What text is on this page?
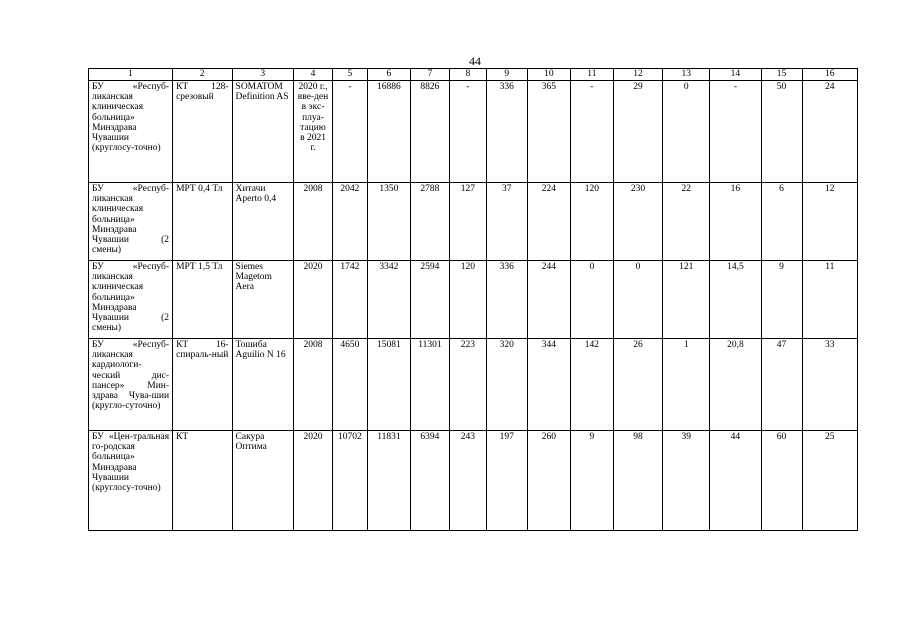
44
1	2	3	4	5	6	7	8	9	10	11	12	13	14	15	16
БУ «Респуб-ликанская клиническая больница» Минздрава Чувашии (круглосу-точно)	КТ 128-срезовый	SOMATOM Definition AS	2020 г., вве-ден в экс-плуа-тацию в 2021 г.	-	16886	8826	-	336	365	-	29	0	-	50	24
БУ «Респуб-ликанская клиническая больница» Минздрава Чувашии (2 смены)	МРТ 0,4 Тл	Хитачи Aperto 0,4	2008	2042	1350	2788	127	37	224	120	230	22	16	6	12
БУ «Респуб-ликанская клиническая больница» Минздрава Чувашии (2 смены)	МРТ 1,5 Тл	Siemes Magetom Aera	2020	1742	3342	2594	120	336	244	0	0	121	14,5	9	11
БУ «Респуб-ликанская кардиологи-ческий дис-пансер» Мин-здрава Чува-шии (кругло-суточно)	КТ 16-спираль-ный	Тошиба Aguilio N 16	2008	4650	15081	11301	223	320	344	142	26	1	20,8	47	33
БУ «Цен-тральная го-родская больница» Минздрава Чувашии (круглосу-точно)	КТ	Сакура Оптима	2020	10702	11831	6394	243	197	260	9	98	39	44	60	25
